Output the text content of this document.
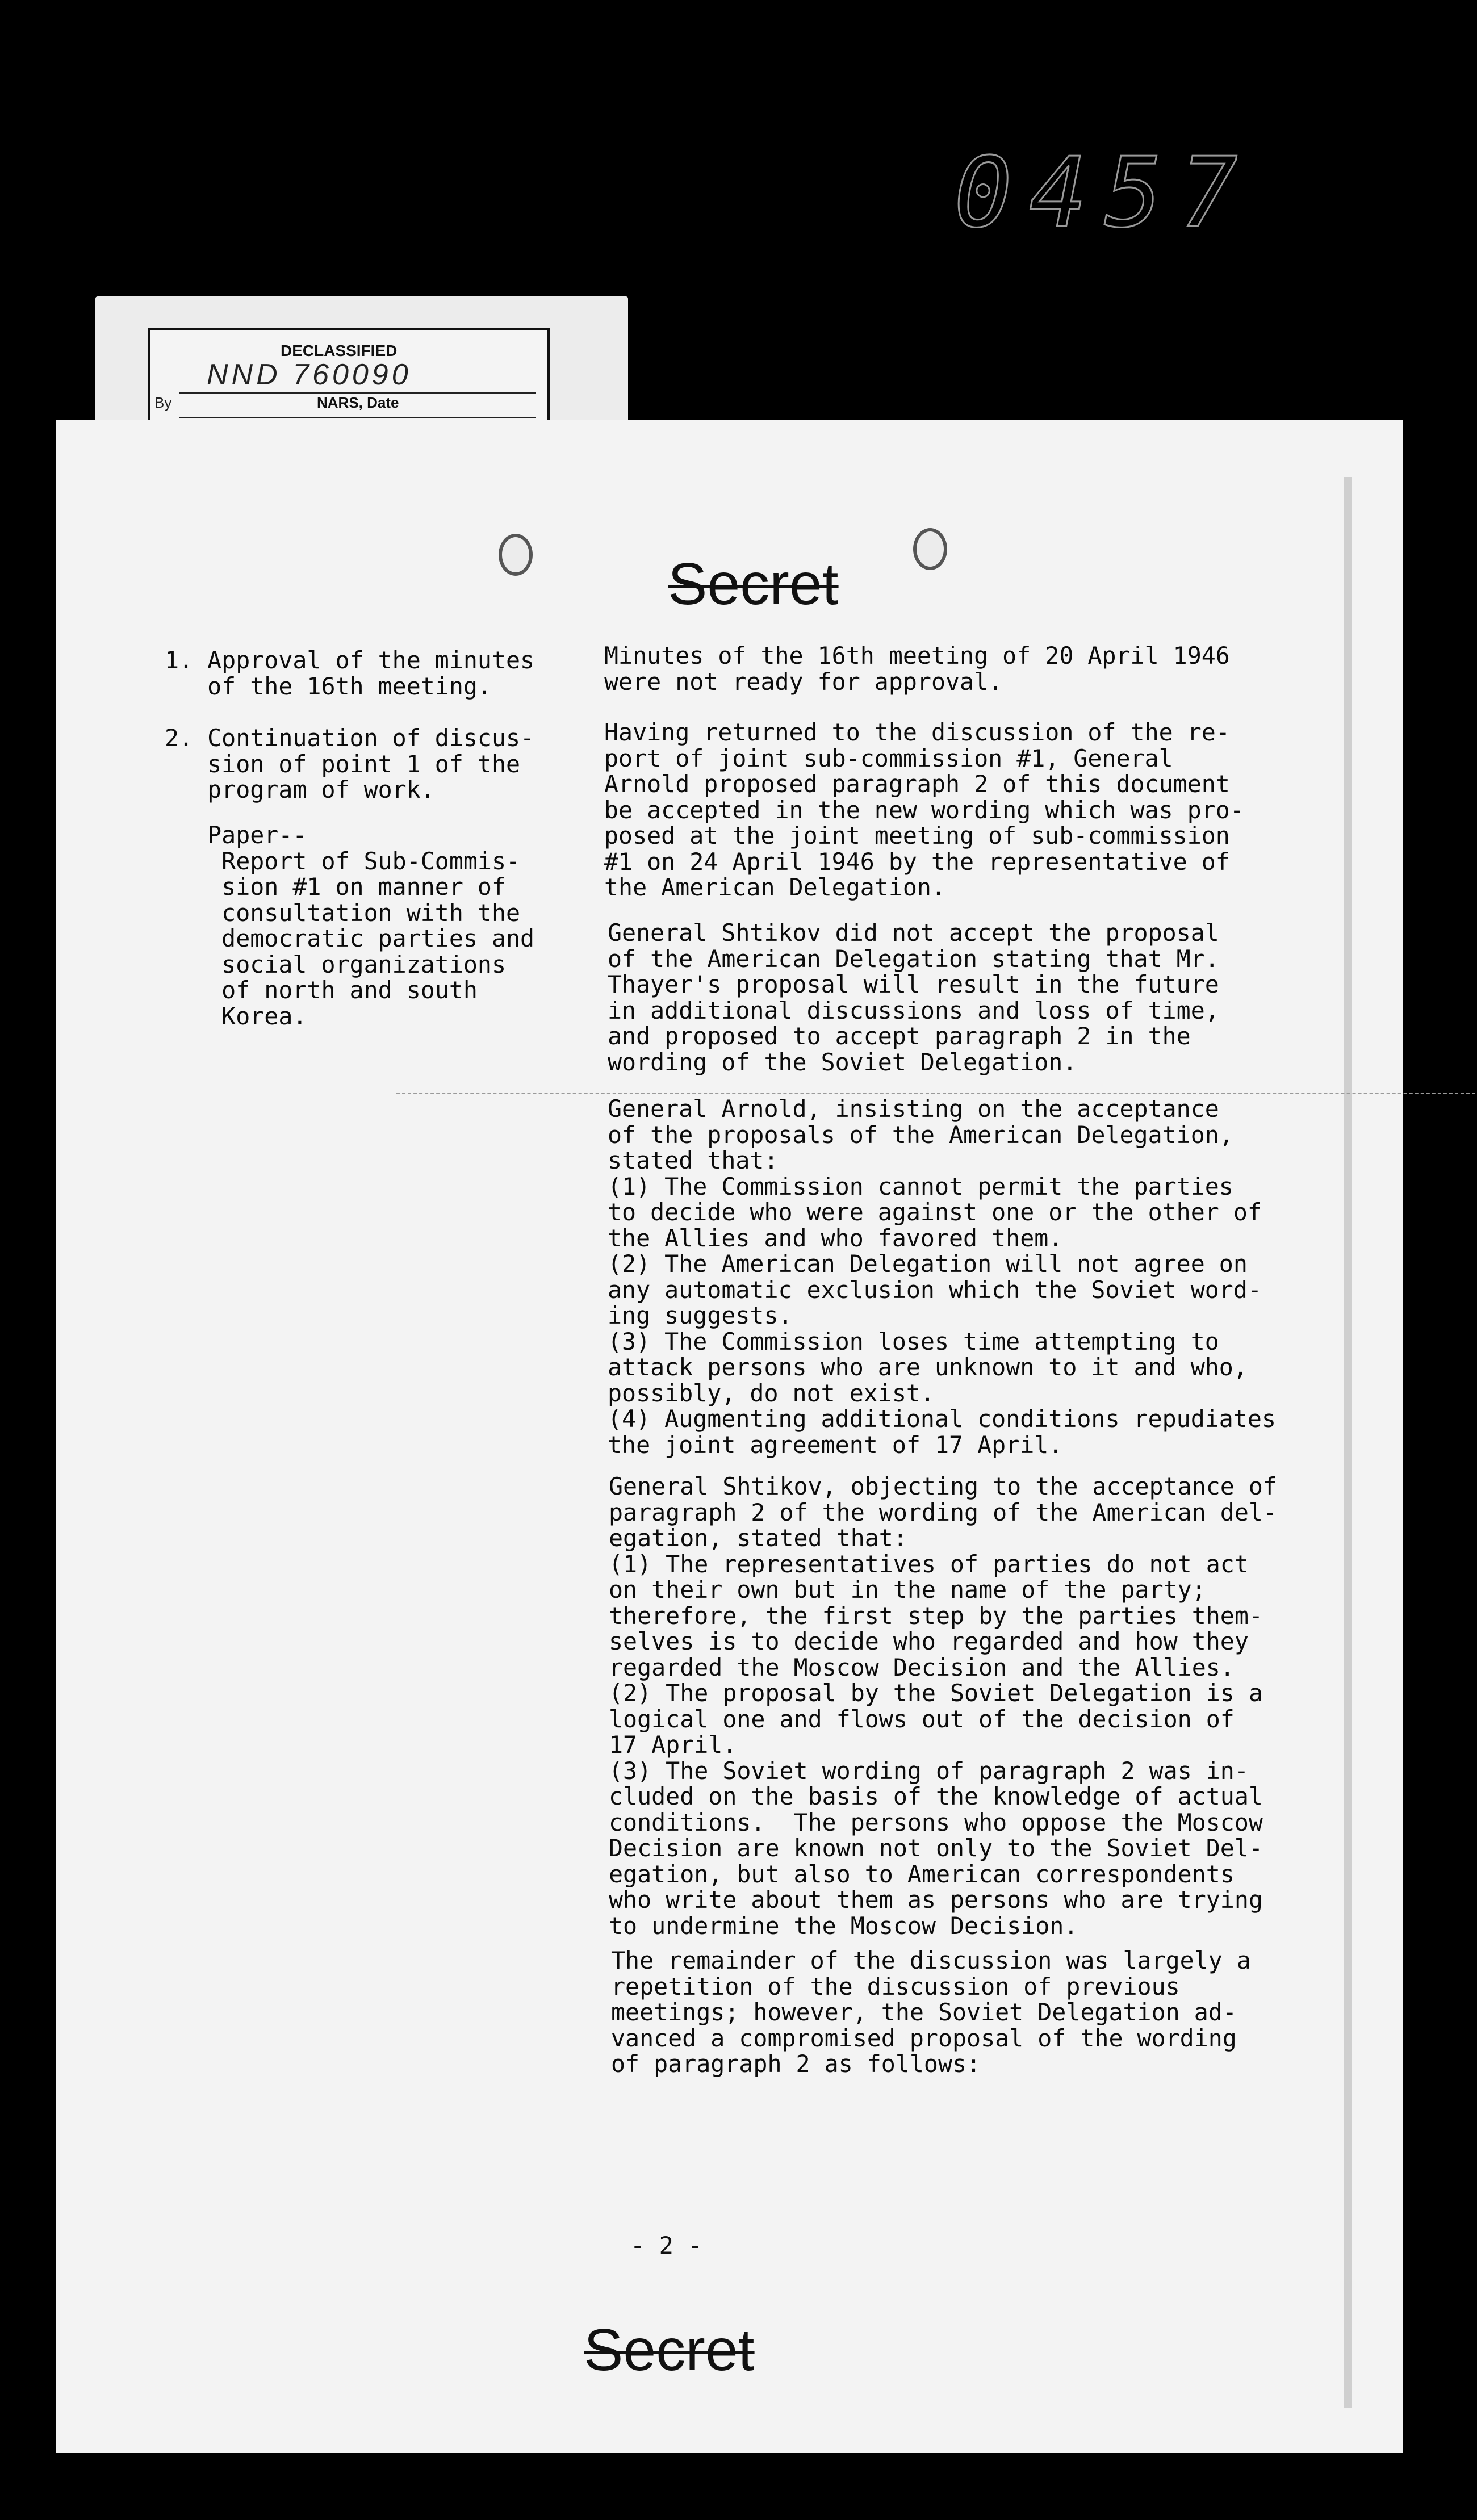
0457
DECLASSIFIED
NND 760090
By	NARS, Date
Secret
1. Approval of the minutes
of the 16th meeting.
Minutes of the 16th meeting of 20 April 1946
were not ready for approval.
2. Continuation of discus-
sion of point 1 of the
program of work.
Having returned to the discussion of the re-
port of joint sub-commission #1, General
Arnold proposed paragraph 2 of this document
be accepted in the new wording which was pro-
posed at the joint meeting of sub-commission
#1 on 24 April 1946 by the representative of
the American Delegation.
Paper--
Report of Sub-Commis-
sion #1 on manner of
consultation with the
democratic parties and
social organizations
of north and south
Korea.
General Shtikov did not accept the proposal
of the American Delegation stating that Mr.
Thayer's proposal will result in the future
in additional discussions and loss of time,
and proposed to accept paragraph 2 in the
wording of the Soviet Delegation.
General Arnold, insisting on the acceptance
of the proposals of the American Delegation,
stated that:
(1) The Commission cannot permit the parties
to decide who were against one or the other of
the Allies and who favored them.
(2) The American Delegation will not agree on
any automatic exclusion which the Soviet word-
ing suggests.
(3) The Commission loses time attempting to
attack persons who are unknown to it and who,
possibly, do not exist.
(4) Augmenting additional conditions repudiates
the joint agreement of 17 April.
General Shtikov, objecting to the acceptance of
paragraph 2 of the wording of the American del-
egation, stated that:
(1) The representatives of parties do not act
on their own but in the name of the party;
therefore, the first step by the parties them-
selves is to decide who regarded and how they
regarded the Moscow Decision and the Allies.
(2) The proposal by the Soviet Delegation is a
logical one and flows out of the decision of
17 April.
(3) The Soviet wording of paragraph 2 was in-
cluded on the basis of the knowledge of actual
conditions.  The persons who oppose the Moscow
Decision are known not only to the Soviet Del-
egation, but also to American correspondents
who write about them as persons who are trying
to undermine the Moscow Decision.
The remainder of the discussion was largely a
repetition of the discussion of previous
meetings; however, the Soviet Delegation ad-
vanced a compromised proposal of the wording
of paragraph 2 as follows:
- 2 -
Secret
